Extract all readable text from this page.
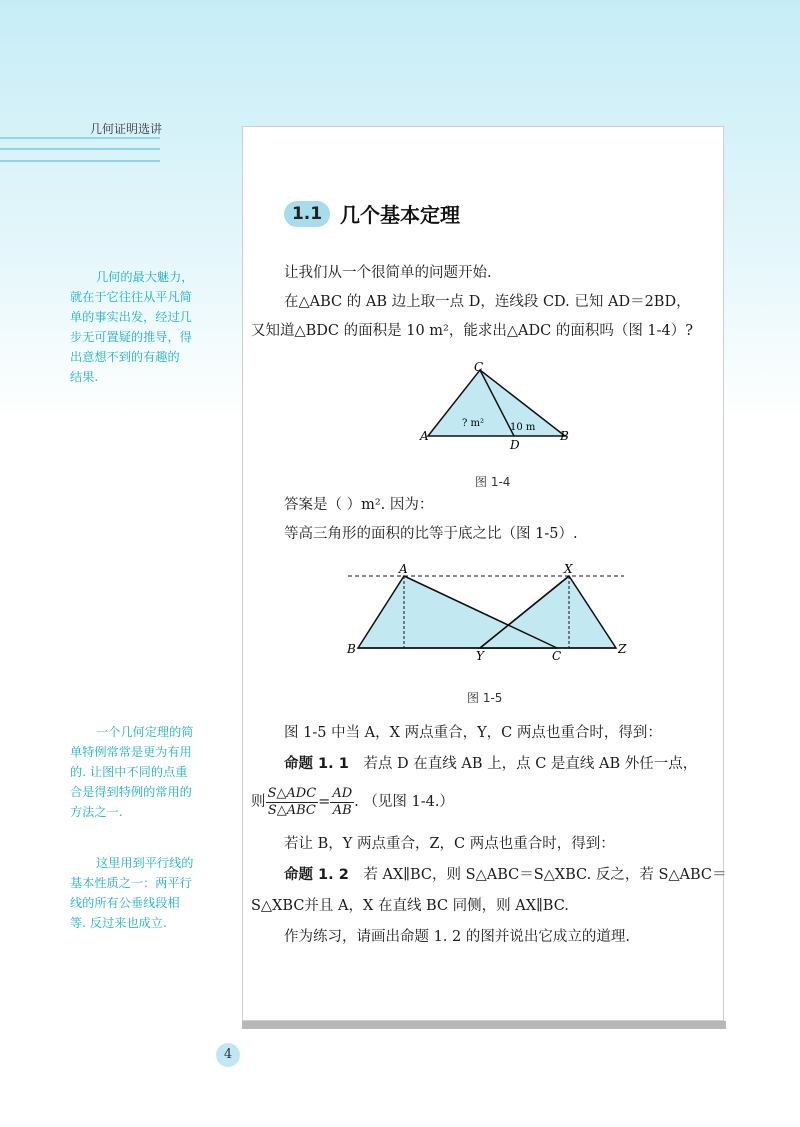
几何证明选讲
1.1 几个基本定理
让我们从一个很简单的问题开始.
在△ABC 的 AB 边上取一点 D，连线段 CD. 已知 AD＝2BD，
又知道△BDC 的面积是 10 m²，能求出△ADC 的面积吗（图 1-4）?
A	B
C
D
? m²	10 m
图 1-4
答案是（ ）m². 因为：
等高三角形的面积的比等于底之比（图 1-5）.
A	X
B	Y	C	Z
图 1-5
图 1-5 中当 A，X 两点重合，Y，C 两点也重合时，得到：
命题 1. 1 若点 D 在直线 AB 上，点 C 是直线 AB 外任一点，
则 $\frac{\text{S△ADC}}{\text{S△ABC}} = \frac{AD}{AB}$ . （见图 1-4.）
若让 B，Y 两点重合，Z，C 两点也重合时，得到：
命题 1. 2 若 AX∥BC，则 S△ABC＝S△XBC. 反之，若 S△ABC＝
S△XBC并且 A，X 在直线 BC 同侧，则 AX∥BC.
作为练习，请画出命题 1. 2 的图并说出它成立的道理.
几何的最大魅力，
就在于它往往从平凡简
单的事实出发，经过几
步无可置疑的推导，得
出意想不到的有趣的
结果.
一个几何定理的简
单特例常常是更为有用
的. 让图中不同的点重
合是得到特例的常用的
方法之一.
这里用到平行线的
基本性质之一：两平行
线的所有公垂线段相
等. 反过来也成立.
4
